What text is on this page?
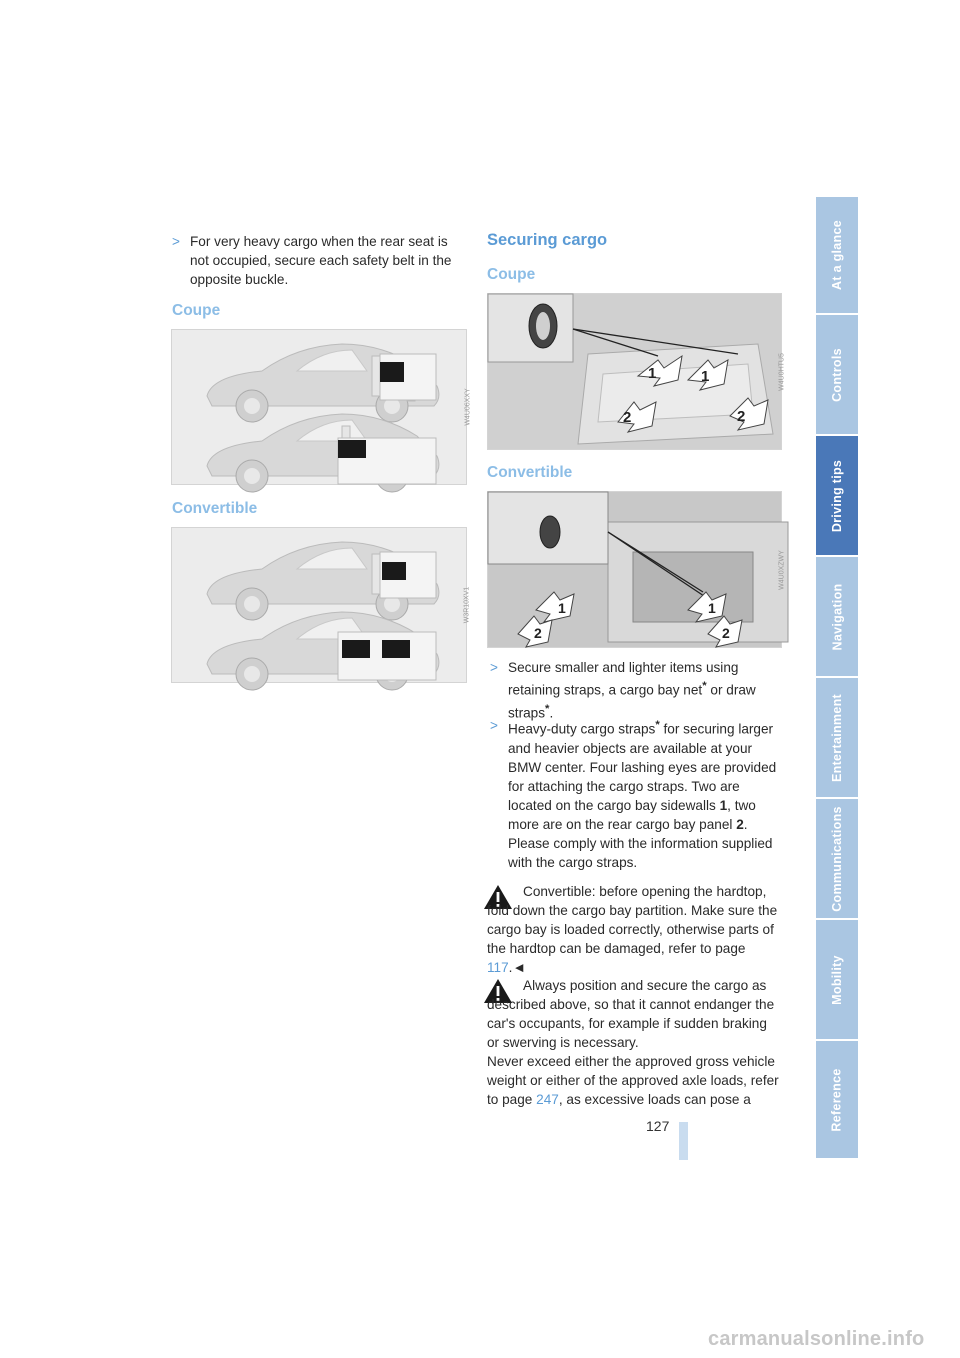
> For very heavy cargo when the rear seat is not occupied, secure each safety belt in the opposite buckle.
Coupe
W4U06XXY
Convertible
W3R10XV1
Securing cargo
Coupe
1	1
2	2
W4U0HTU5
Convertible
1	1
2	2
W4U0XZWY
> Secure smaller and lighter items using retaining straps, a cargo bay net* or draw straps*.
> Heavy-duty cargo straps* for securing larger and heavier objects are available at your BMW center. Four lashing eyes are provided for attaching the cargo straps. Two are located on the cargo bay sidewalls 1, two more are on the rear cargo bay panel 2.
Please comply with the information supplied with the cargo straps.
Convertible: before opening the hardtop, fold down the cargo bay partition. Make sure the cargo bay is loaded correctly, otherwise parts of the hardtop can be damaged, refer to page 117.◄
Always position and secure the cargo as described above, so that it cannot endanger the car's occupants, for example if sudden braking or swerving is necessary.
Never exceed either the approved gross vehicle weight or either of the approved axle loads, refer to page 247, as excessive loads can pose a
127
At a glance
Controls
Driving tips
Navigation
Entertainment
Communications
Mobility
Reference
carmanualsonline.info
